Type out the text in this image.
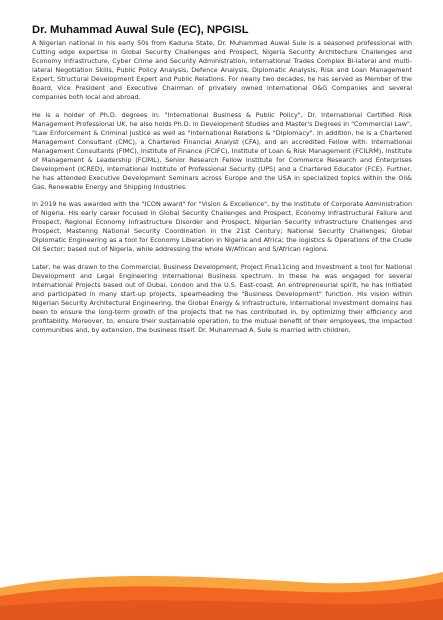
Dr. Muhammad Auwal Sule (EC), NPGISL

A Nigerian national in his early 50s from Kaduna State, Dr. Muhammad Auwal Sule is a seasoned professional with Cutting edge expertise in Global Security Challenges and Prospect, Nigeria Security Architecture Challenges and Economy Infrastructure, Cyber Crime and Security Administration, International Trades Complex Bi-lateral and multi-lateral Negotiation Skills, Public Policy Analysis, Defence Analysis, Diplomatic Analysis, Risk and Loan Management Expert, Structural Development Expert and Public Relations. For nearly two decades, he has served as Member of the Board, Vice President and Executive Chairman of privately owned international O&G Companies and several companies both local and abroad.

He is a holder of Ph.D. degrees in: "International Business & Public Policy", Dr. International Certified Risk Management Professional UK, he also holds Ph.D. in Development Studies and Master's Degrees in "Commercial Law", "Law Enforcement & Criminal Justice as well as "International Relations & "Diplomacy". In addition, he is a Chartered Management Consultant (CMC), a Chartered Financial Analyst (CFA), and an accredited Fellow with: International Management Consultants (FIMC), Institute of Finance (FCIFC), Institute of Loan & Risk Management (FCILRM), Institute of Management & Leadership (FCIML), Senior Research Fellow Institute for Commerce Research and Enterprises Development (ICRED), International Institute of Professional Security (UPS) and a Chartered Educator (FCE). Further, he has attended Executive Development Seminars across Europe and the USA in specialized topics within the Oil& Gas, Renewable Energy and Shipping Industries.

In 2019 he was awarded with the "ICON award" for "Vision & Excellence", by the Institute of Corporate Administration of Nigeria. His early career focused in Global Security Challenges and Prospect, Economy Infrastructural Failure and Prospect, Regional Economy Infrastructure Disorder and Prospect, Nigerian Security Infrastructure Challenges and Prospect, Mastering National Security Coordination in the 21st Century; National Security Challenges; Global Diplomatic Engineering as a tool for Economy Liberation in Nigeria and Africa; the logistics & Operations of the Crude Oil Sector; based out of Nigeria, while addressing the whole W/African and S/African regions.

Later, he was drawn to the Commercial, Business Development, Project Fina11cing and Investment a tool for National Development and Legal Engineering International Business spectrum. In these he was engaged for several International Projects based out of Dubai, London and the U.S. East-coast. An entrepreneurial spirit, he has Initiated and participated in many start-up projects, spearheading the "Business Development" function. His vision within Nigerian Security Architectural Engineering, the Global Energy & Infrastructure, International investment domains has been to ensure the long-term growth of the projects that he has contributed in, by optimizing their efficiency and profitability. Moreover, to, ensure their sustainable operation, to the mutual benefit of their employees, the impacted communities and, by extension, the business itself. Dr. Muhammad A. Sule is married with children,
